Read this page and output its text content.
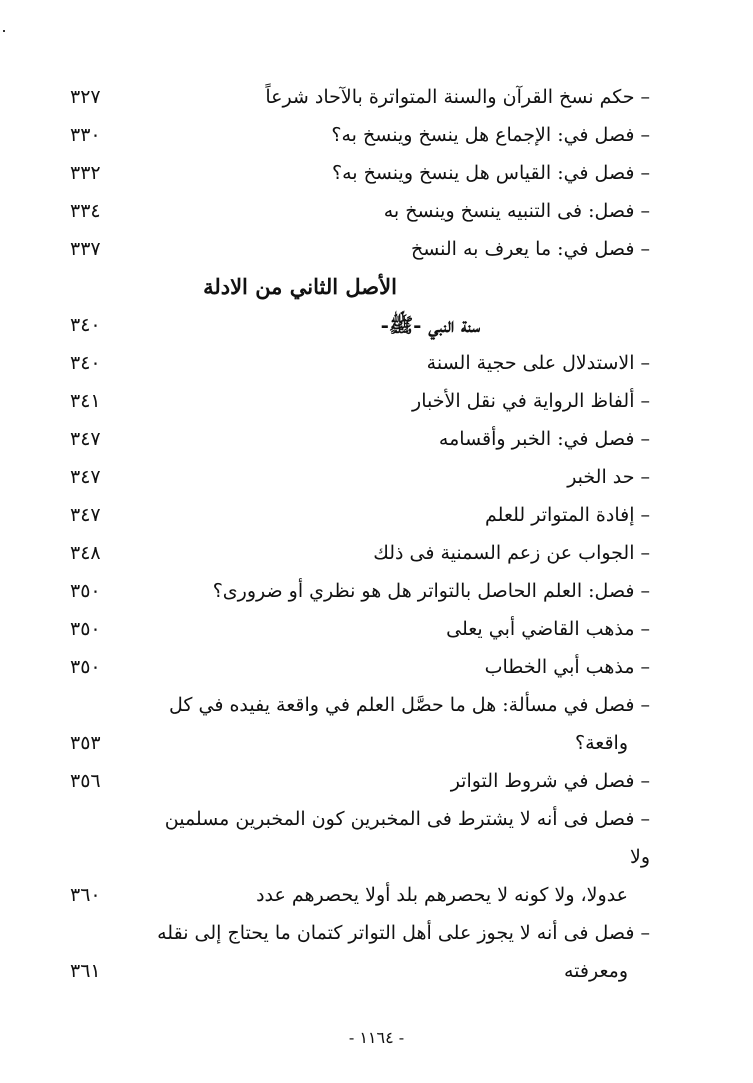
–حكم نسخ القرآن والسنة المتواترة بالآحاد شرعاً
٣٢٧
–فصل في: الإجماع هل ينسخ وينسخ به؟
٣٣٠
–فصل في: القياس هل ينسخ وينسخ به؟
٣٣٢
–فصل: فى التنبيه ينسخ وينسخ به
٣٣٤
–فصل في: ما يعرف به النسخ
٣٣٧
الأصل الثاني من الادلة
سنة النبي -ﷺ-
٣٤٠
–الاستدلال على حجية السنة
٣٤٠
–ألفاظ الرواية في نقل الأخبار
٣٤١
–فصل في: الخبر وأقسامه
٣٤٧
–حد الخبر
٣٤٧
–إفادة المتواتر للعلم
٣٤٧
–الجواب عن زعم السمنية فى ذلك
٣٤٨
–فصل: العلم الحاصل بالتواتر هل هو نظري أو ضرورى؟
٣٥٠
–مذهب القاضي أبي يعلى
٣٥٠
–مذهب أبي الخطاب
٣٥٠
–فصل في مسألة: هل ما حصَّل العلم في واقعة يفيده في كل
واقعة؟
٣٥٣
–فصل في شروط التواتر
٣٥٦
–فصل فى أنه لا يشترط فى المخبرين كون المخبرين مسلمين ولا
عدولا، ولا كونه لا يحصرهم بلد أولا يحصرهم عدد
٣٦٠
–فصل فى أنه لا يجوز على أهل التواتر كتمان ما يحتاج إلى نقله
ومعرفته
٣٦١
- ١١٦٤ -
